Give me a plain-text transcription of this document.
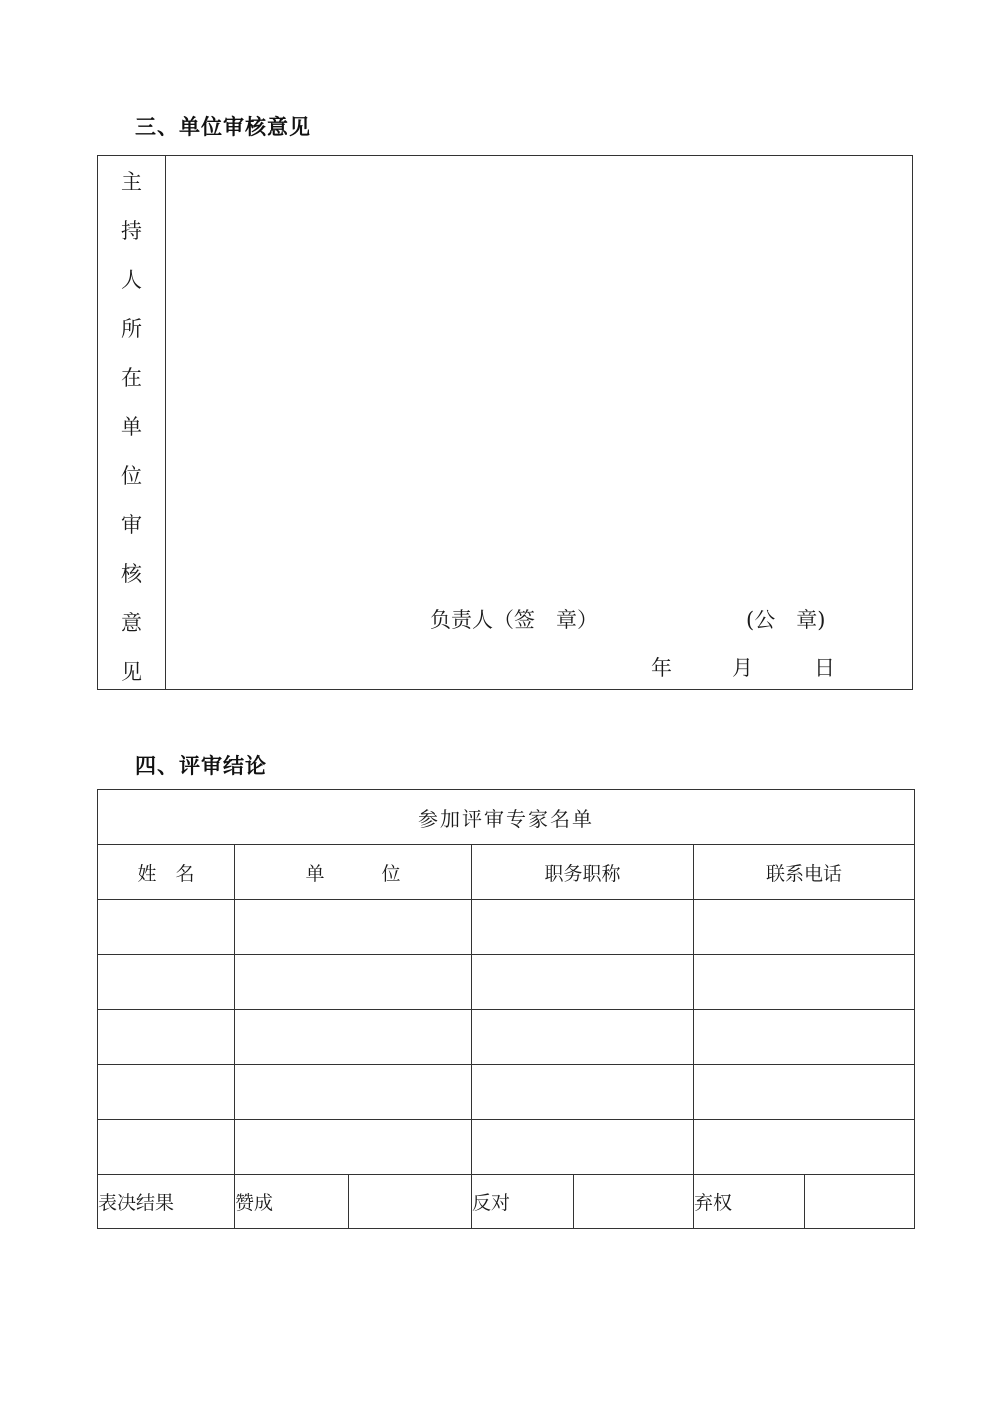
三、单位审核意见
主
持
人
所
在
单
位
审
核
意
见
负责人（签　章）	(公　章)
年	月	日
四、评审结论
参加评审专家名单						
姓　名	单　　　位		职务职称		联系电话	

表决结果	赞成		反对		弃权	
